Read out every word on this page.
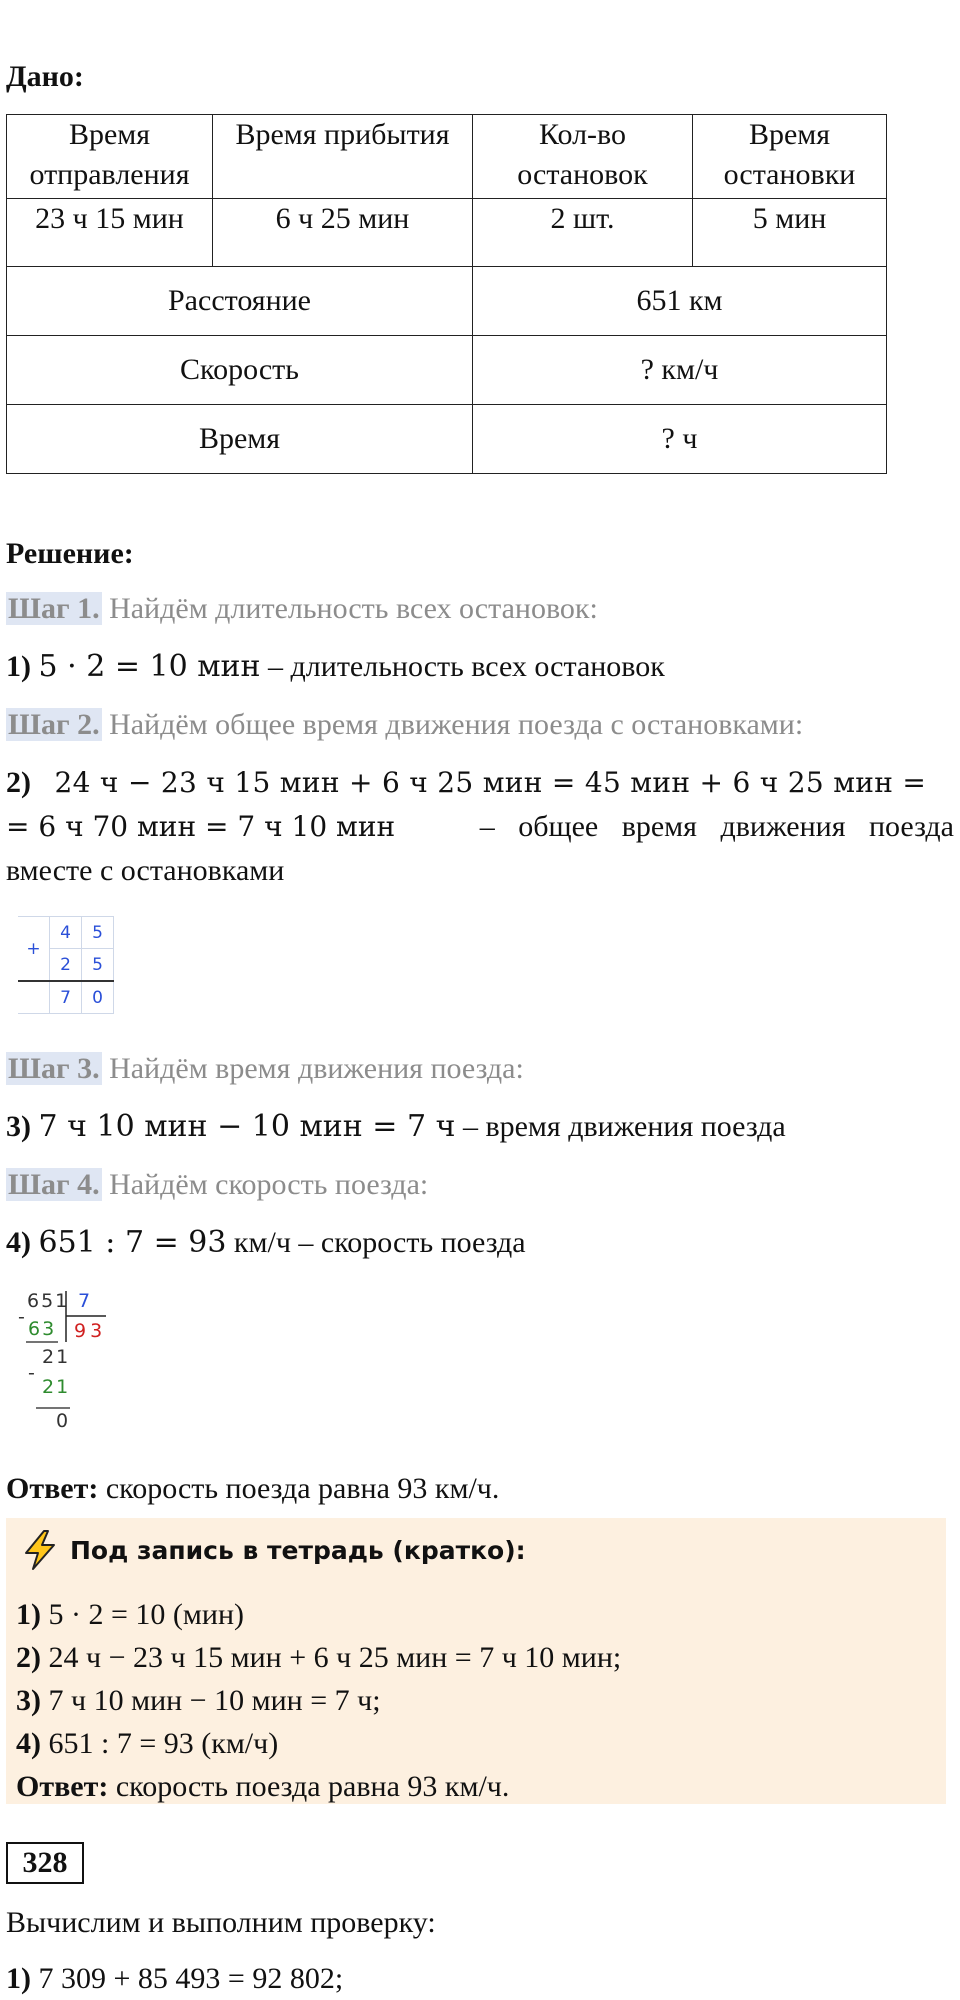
Дано:
Время отправления	Время прибытия	Кол-во остановок	Время остановки
23 ч 15 мин	6 ч 25 мин	2 шт.	5 мин
Расстояние		651 км	
Скорость		? км/ч	
Время		? ч	
Решение:
Шаг 1. Найдём длительность всех остановок:
1) 5 · 2 = 10 мин – длительность всех остановок
Шаг 2. Найдём общее время движения поезда с остановками:
2) 24 ч − 23 ч 15 мин + 6 ч 25 мин = 45 мин + 6 ч 25 мин =
= 6 ч 70 мин = 7 ч 10 мин	– общее время движения поезда
вместе с остановками
+	4	5
	2	5
	7	0
Шаг 3. Найдём время движения поезда:
3) 7 ч 10 мин − 10 мин = 7 ч – время движения поезда
Шаг 4. Найдём скорость поезда:
4) 651 : 7 = 93 км/ч – скорость поезда
651 7
-
63 93
21
-
21
0
Ответ: скорость поезда равна 93 км/ч.
Под запись в тетрадь (кратко) :
1) 5 · 2 = 10 (мин)
2) 24 ч − 23 ч 15 мин + 6 ч 25 мин = 7 ч 10 мин;
3) 7 ч 10 мин − 10 мин = 7 ч;
4) 651 : 7 = 93 (км/ч)
Ответ: скорость поезда равна 93 км/ч.
328
Вычислим и выполним проверку:
1) 7 309 + 85 493 = 92 802;
